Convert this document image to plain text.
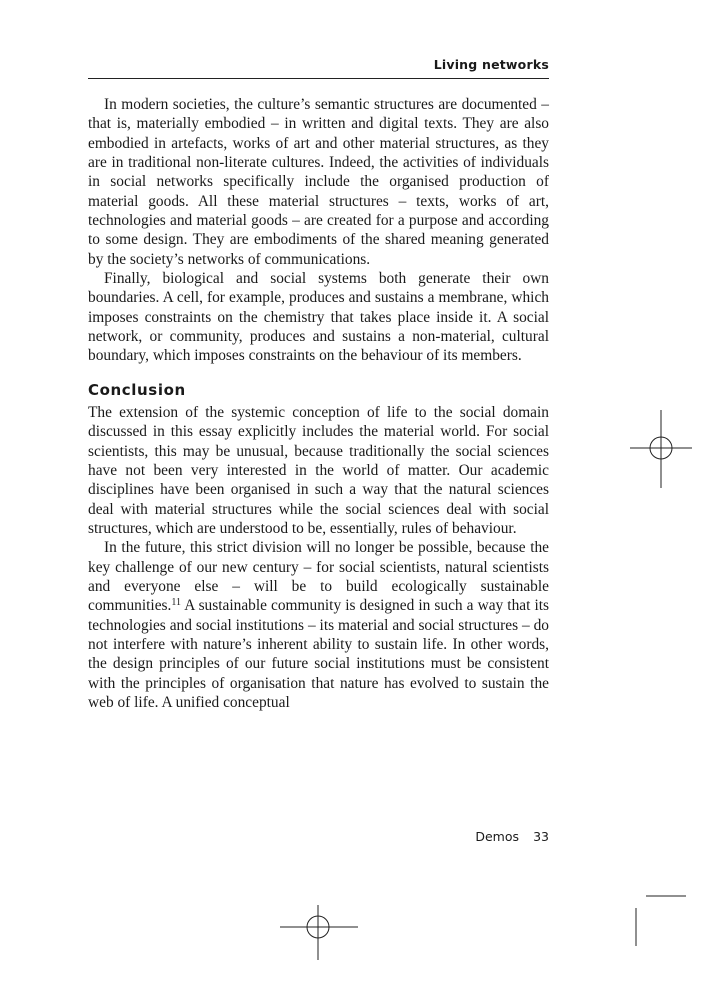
Living networks

In modern societies, the culture’s semantic structures are documented – that is, materially embodied – in written and digital texts. They are also embodied in artefacts, works of art and other material structures, as they are in traditional non-literate cultures. Indeed, the activities of individuals in social networks specifically include the organised production of material goods. All these material structures – texts, works of art, technologies and material goods – are created for a purpose and according to some design. They are embodiments of the shared meaning generated by the society’s networks of communications.

Finally, biological and social systems both generate their own boundaries. A cell, for example, produces and sustains a membrane, which imposes constraints on the chemistry that takes place inside it. A social network, or community, produces and sustains a non-material, cultural boundary, which imposes constraints on the behaviour of its members.

Conclusion

The extension of the systemic conception of life to the social domain discussed in this essay explicitly includes the material world. For social scientists, this may be unusual, because traditionally the social sciences have not been very interested in the world of matter. Our academic disciplines have been organised in such a way that the natural sciences deal with material structures while the social sciences deal with social structures, which are understood to be, essentially, rules of behaviour.

In the future, this strict division will no longer be possible, because the key challenge of our new century – for social scientists, natural scientists and everyone else – will be to build ecologically sustainable communities.$^{11}$ A sustainable community is designed in such a way that its technologies and social institutions – its material and social structures – do not interfere with nature’s inherent ability to sustain life. In other words, the design principles of our future social institutions must be consistent with the principles of organisation that nature has evolved to sustain the web of life. A unified conceptual

Demos 33
